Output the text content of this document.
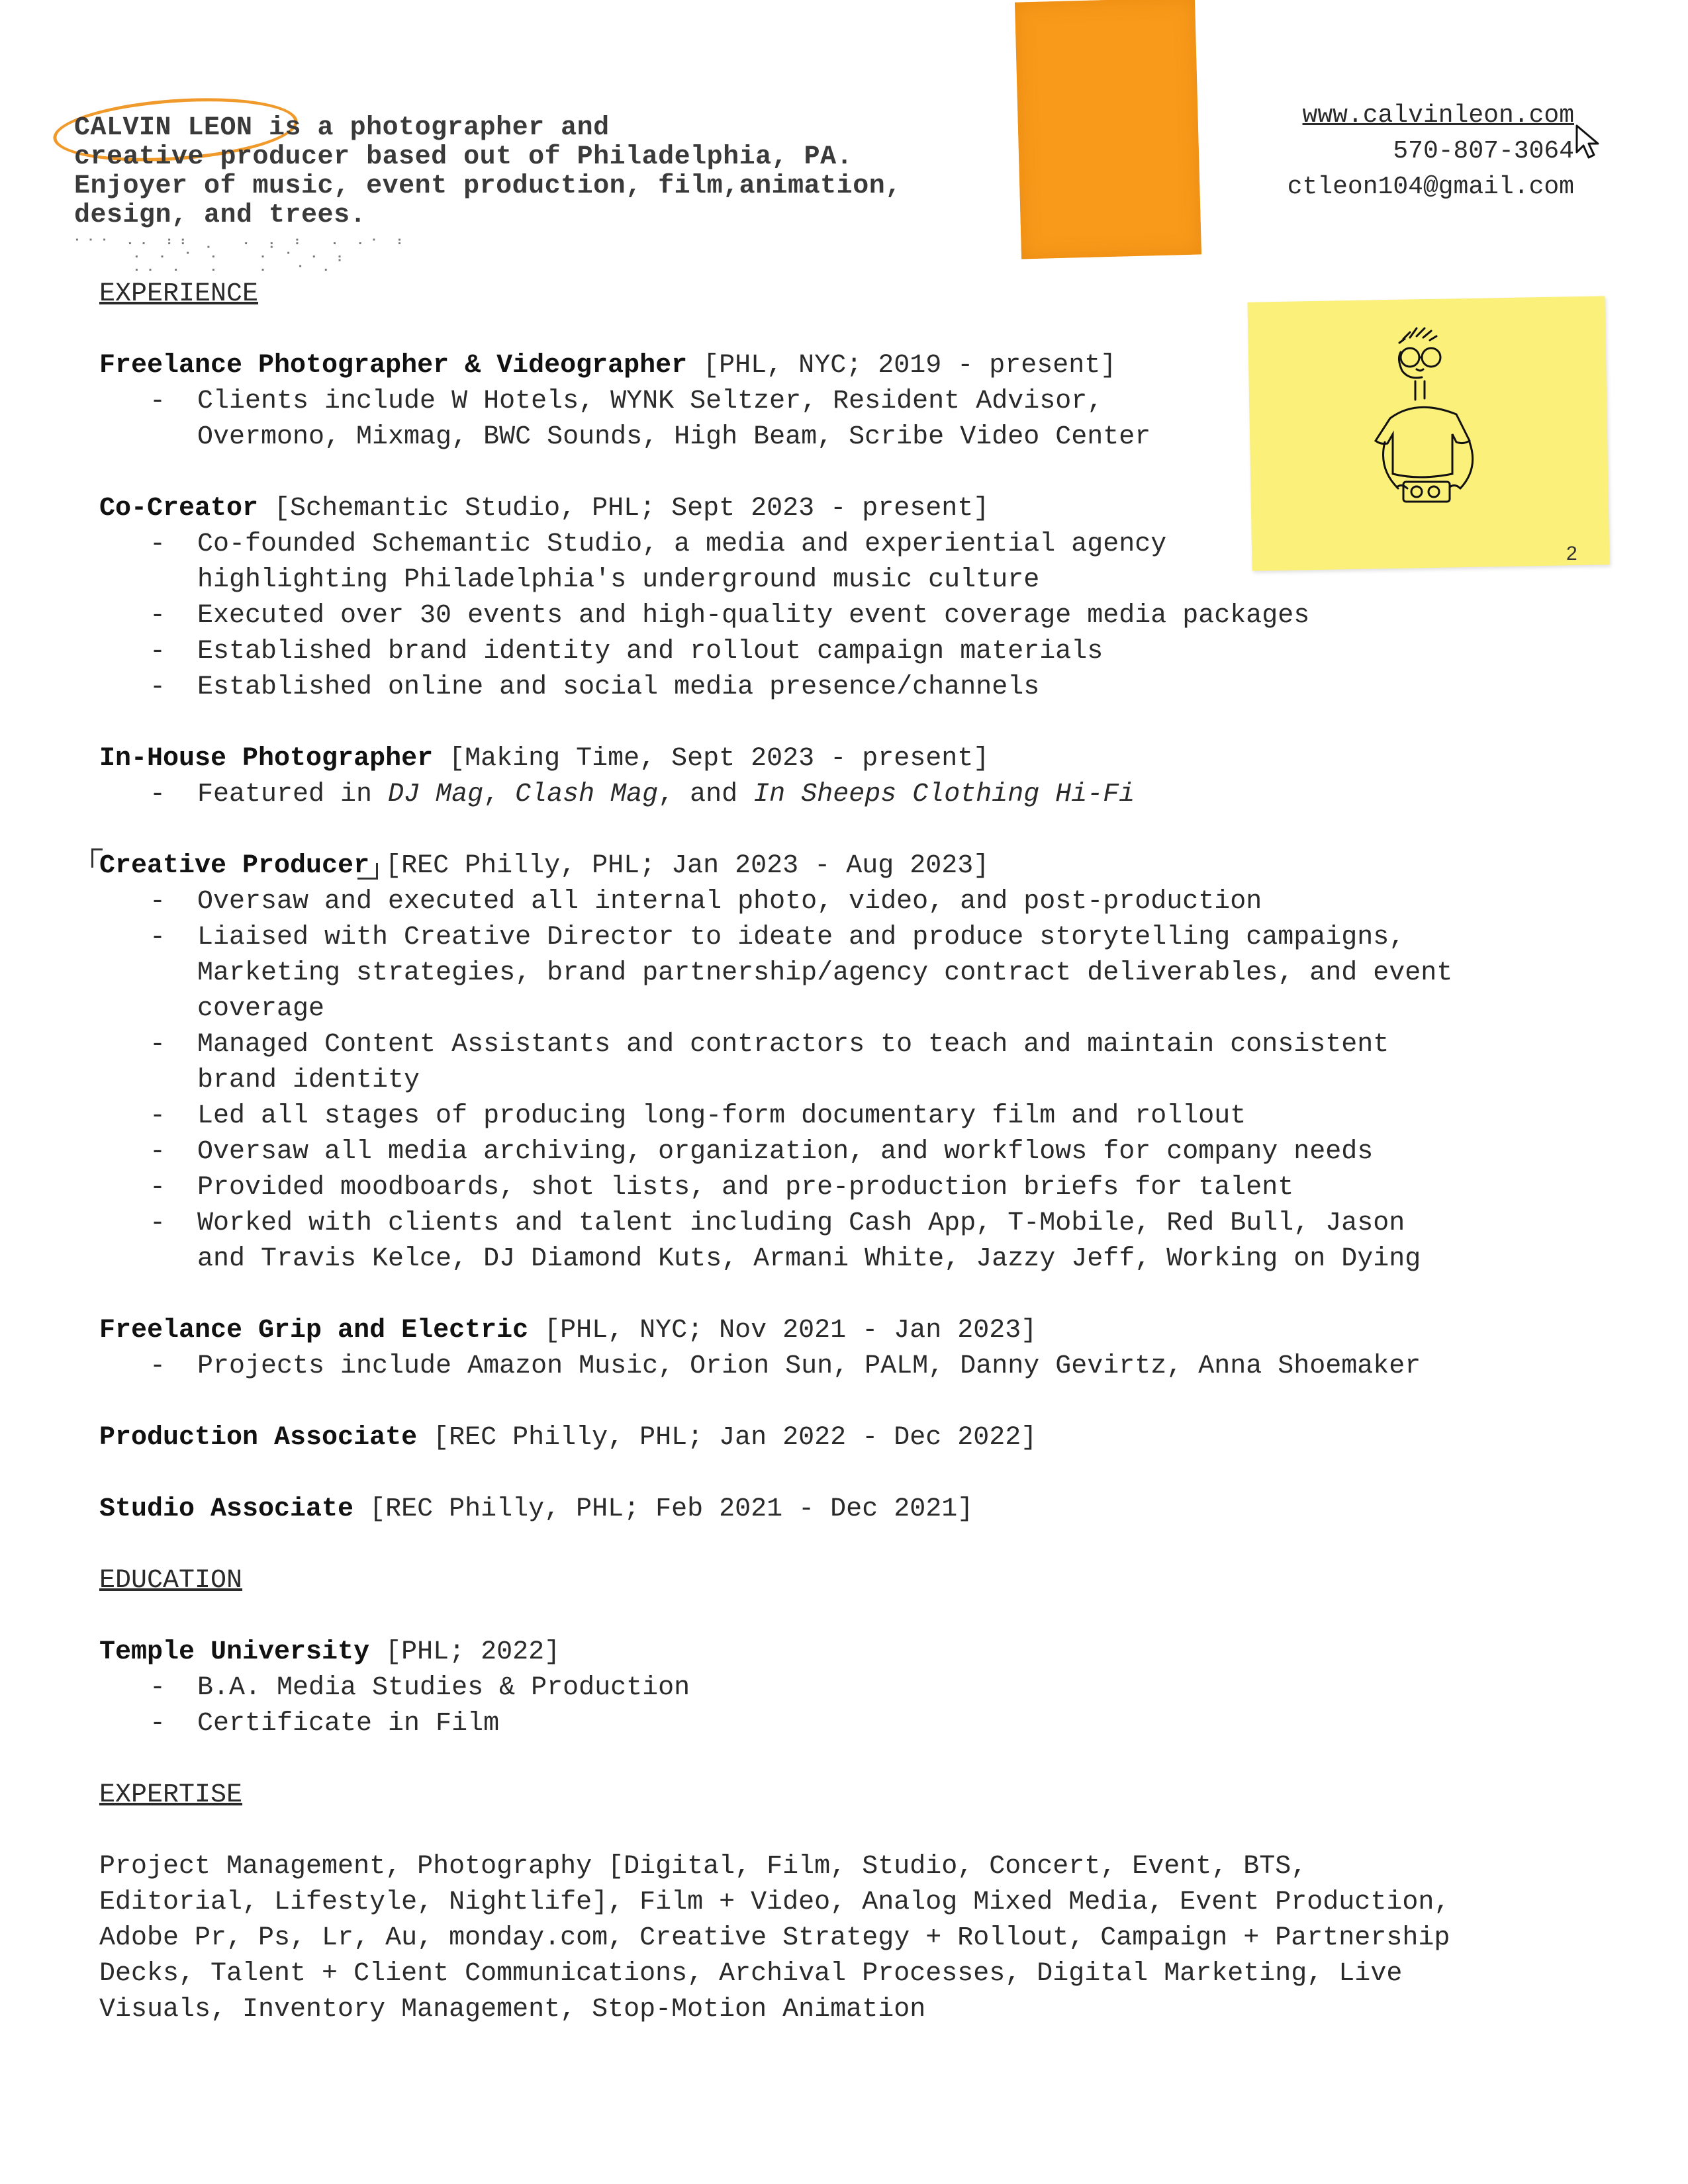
2
CALVIN LEON is a photographer and
creative producer based out of Philadelphia, PA.
Enjoyer of music, event production, film,animation,
design, and trees.
⠁⠁⠁ ⠂⠂ ⠃⠃ ⠄  ⠂ ⠆ ⠃  ⠂ ⠂⠁ ⠃
⠂ ⠂ ⠁ ⠂   ⠂ ⠁ ⠂ ⠆
⠂⠂ ⠂  ⠂   ⠂  ⠁ ⠂
www.calvinleon.com
570-807-3064
ctleon104@gmail.com
EXPERIENCE
Freelance Photographer & Videographer [PHL, NYC; 2019 - present]
- Clients include W Hotels, WYNK Seltzer, Resident Advisor,
Overmono, Mixmag, BWC Sounds, High Beam, Scribe Video Center
Co-Creator [Schemantic Studio, PHL; Sept 2023 - present]
- Co-founded Schemantic Studio, a media and experiential agency
highlighting Philadelphia's underground music culture
- Executed over 30 events and high-quality event coverage media packages
- Established brand identity and rollout campaign materials
- Established online and social media presence/channels
In-House Photographer [Making Time, Sept 2023 - present]
- Featured in DJ Mag, Clash Mag, and In Sheeps Clothing Hi-Fi
Creative Producer [REC Philly, PHL; Jan 2023 - Aug 2023]
- Oversaw and executed all internal photo, video, and post-production
- Liaised with Creative Director to ideate and produce storytelling campaigns,
Marketing strategies, brand partnership/agency contract deliverables, and event
coverage
- Managed Content Assistants and contractors to teach and maintain consistent
brand identity
- Led all stages of producing long-form documentary film and rollout
- Oversaw all media archiving, organization, and workflows for company needs
- Provided moodboards, shot lists, and pre-production briefs for talent
- Worked with clients and talent including Cash App, T-Mobile, Red Bull, Jason
and Travis Kelce, DJ Diamond Kuts, Armani White, Jazzy Jeff, Working on Dying
Freelance Grip and Electric [PHL, NYC; Nov 2021 - Jan 2023]
- Projects include Amazon Music, Orion Sun, PALM, Danny Gevirtz, Anna Shoemaker
Production Associate [REC Philly, PHL; Jan 2022 - Dec 2022]
Studio Associate [REC Philly, PHL; Feb 2021 - Dec 2021]
EDUCATION
Temple University [PHL; 2022]
- B.A. Media Studies & Production
- Certificate in Film
EXPERTISE
Project Management, Photography [Digital, Film, Studio, Concert, Event, BTS,
Editorial, Lifestyle, Nightlife], Film + Video, Analog Mixed Media, Event Production,
Adobe Pr, Ps, Lr, Au, monday.com, Creative Strategy + Rollout, Campaign + Partnership
Decks, Talent + Client Communications, Archival Processes, Digital Marketing, Live
Visuals, Inventory Management, Stop-Motion Animation
